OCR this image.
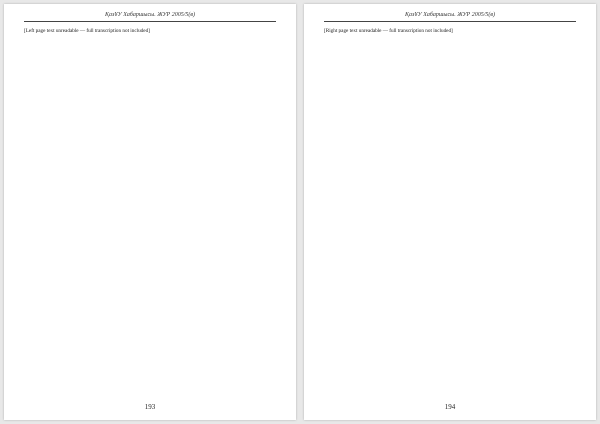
ҚазҰУ Хабаршысы. ЖУР 2005/5(в)
[Left page text unreadable — full transcription not included]
193
ҚазҰУ Хабаршысы. ЖУР 2005/5(в)
[Right page text unreadable — full transcription not included]
194
